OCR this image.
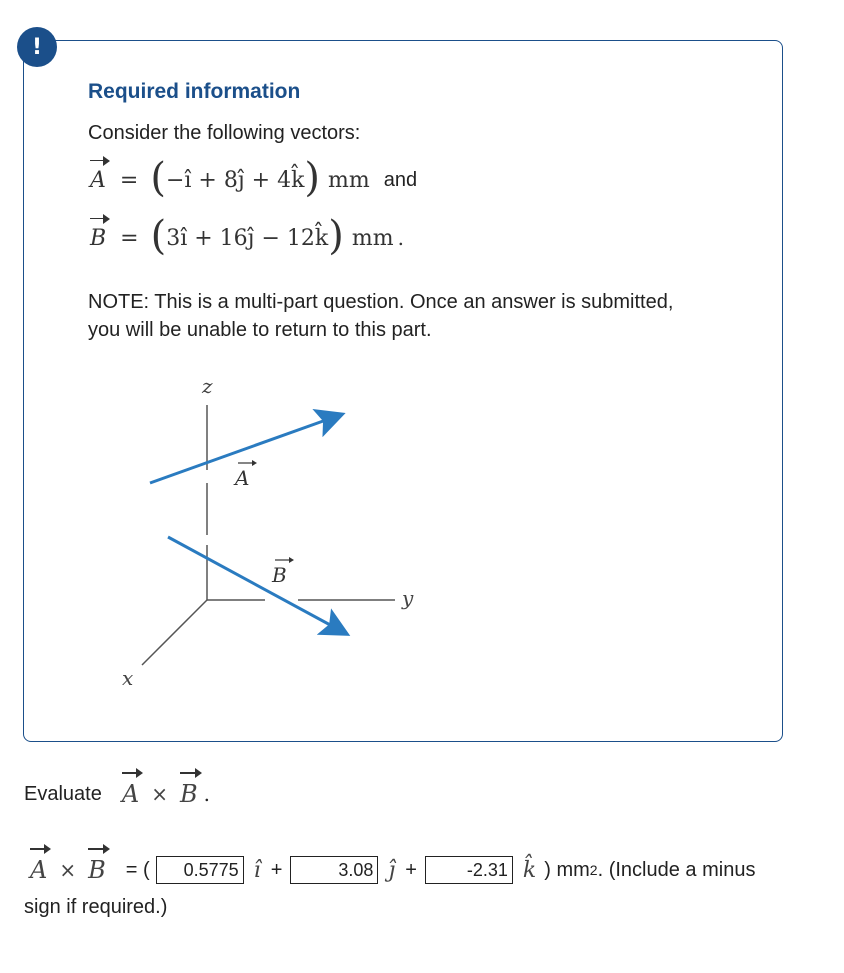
!
Required information
Consider the following vectors:
A = ( −î + 8ĵ + 4k̂ ) mm and
B = ( 3î + 16ĵ − 12k̂ ) mm .
NOTE: This is a multi-part question. Once an answer is submitted, you will be unable to return to this part.
z
y
x
A
B
Evaluate A × B .
A × B = (
0.5775	î +
3.08	ĵ +
-2.31	k̂ ) mm 2 . (Include a minus
sign if required.)
